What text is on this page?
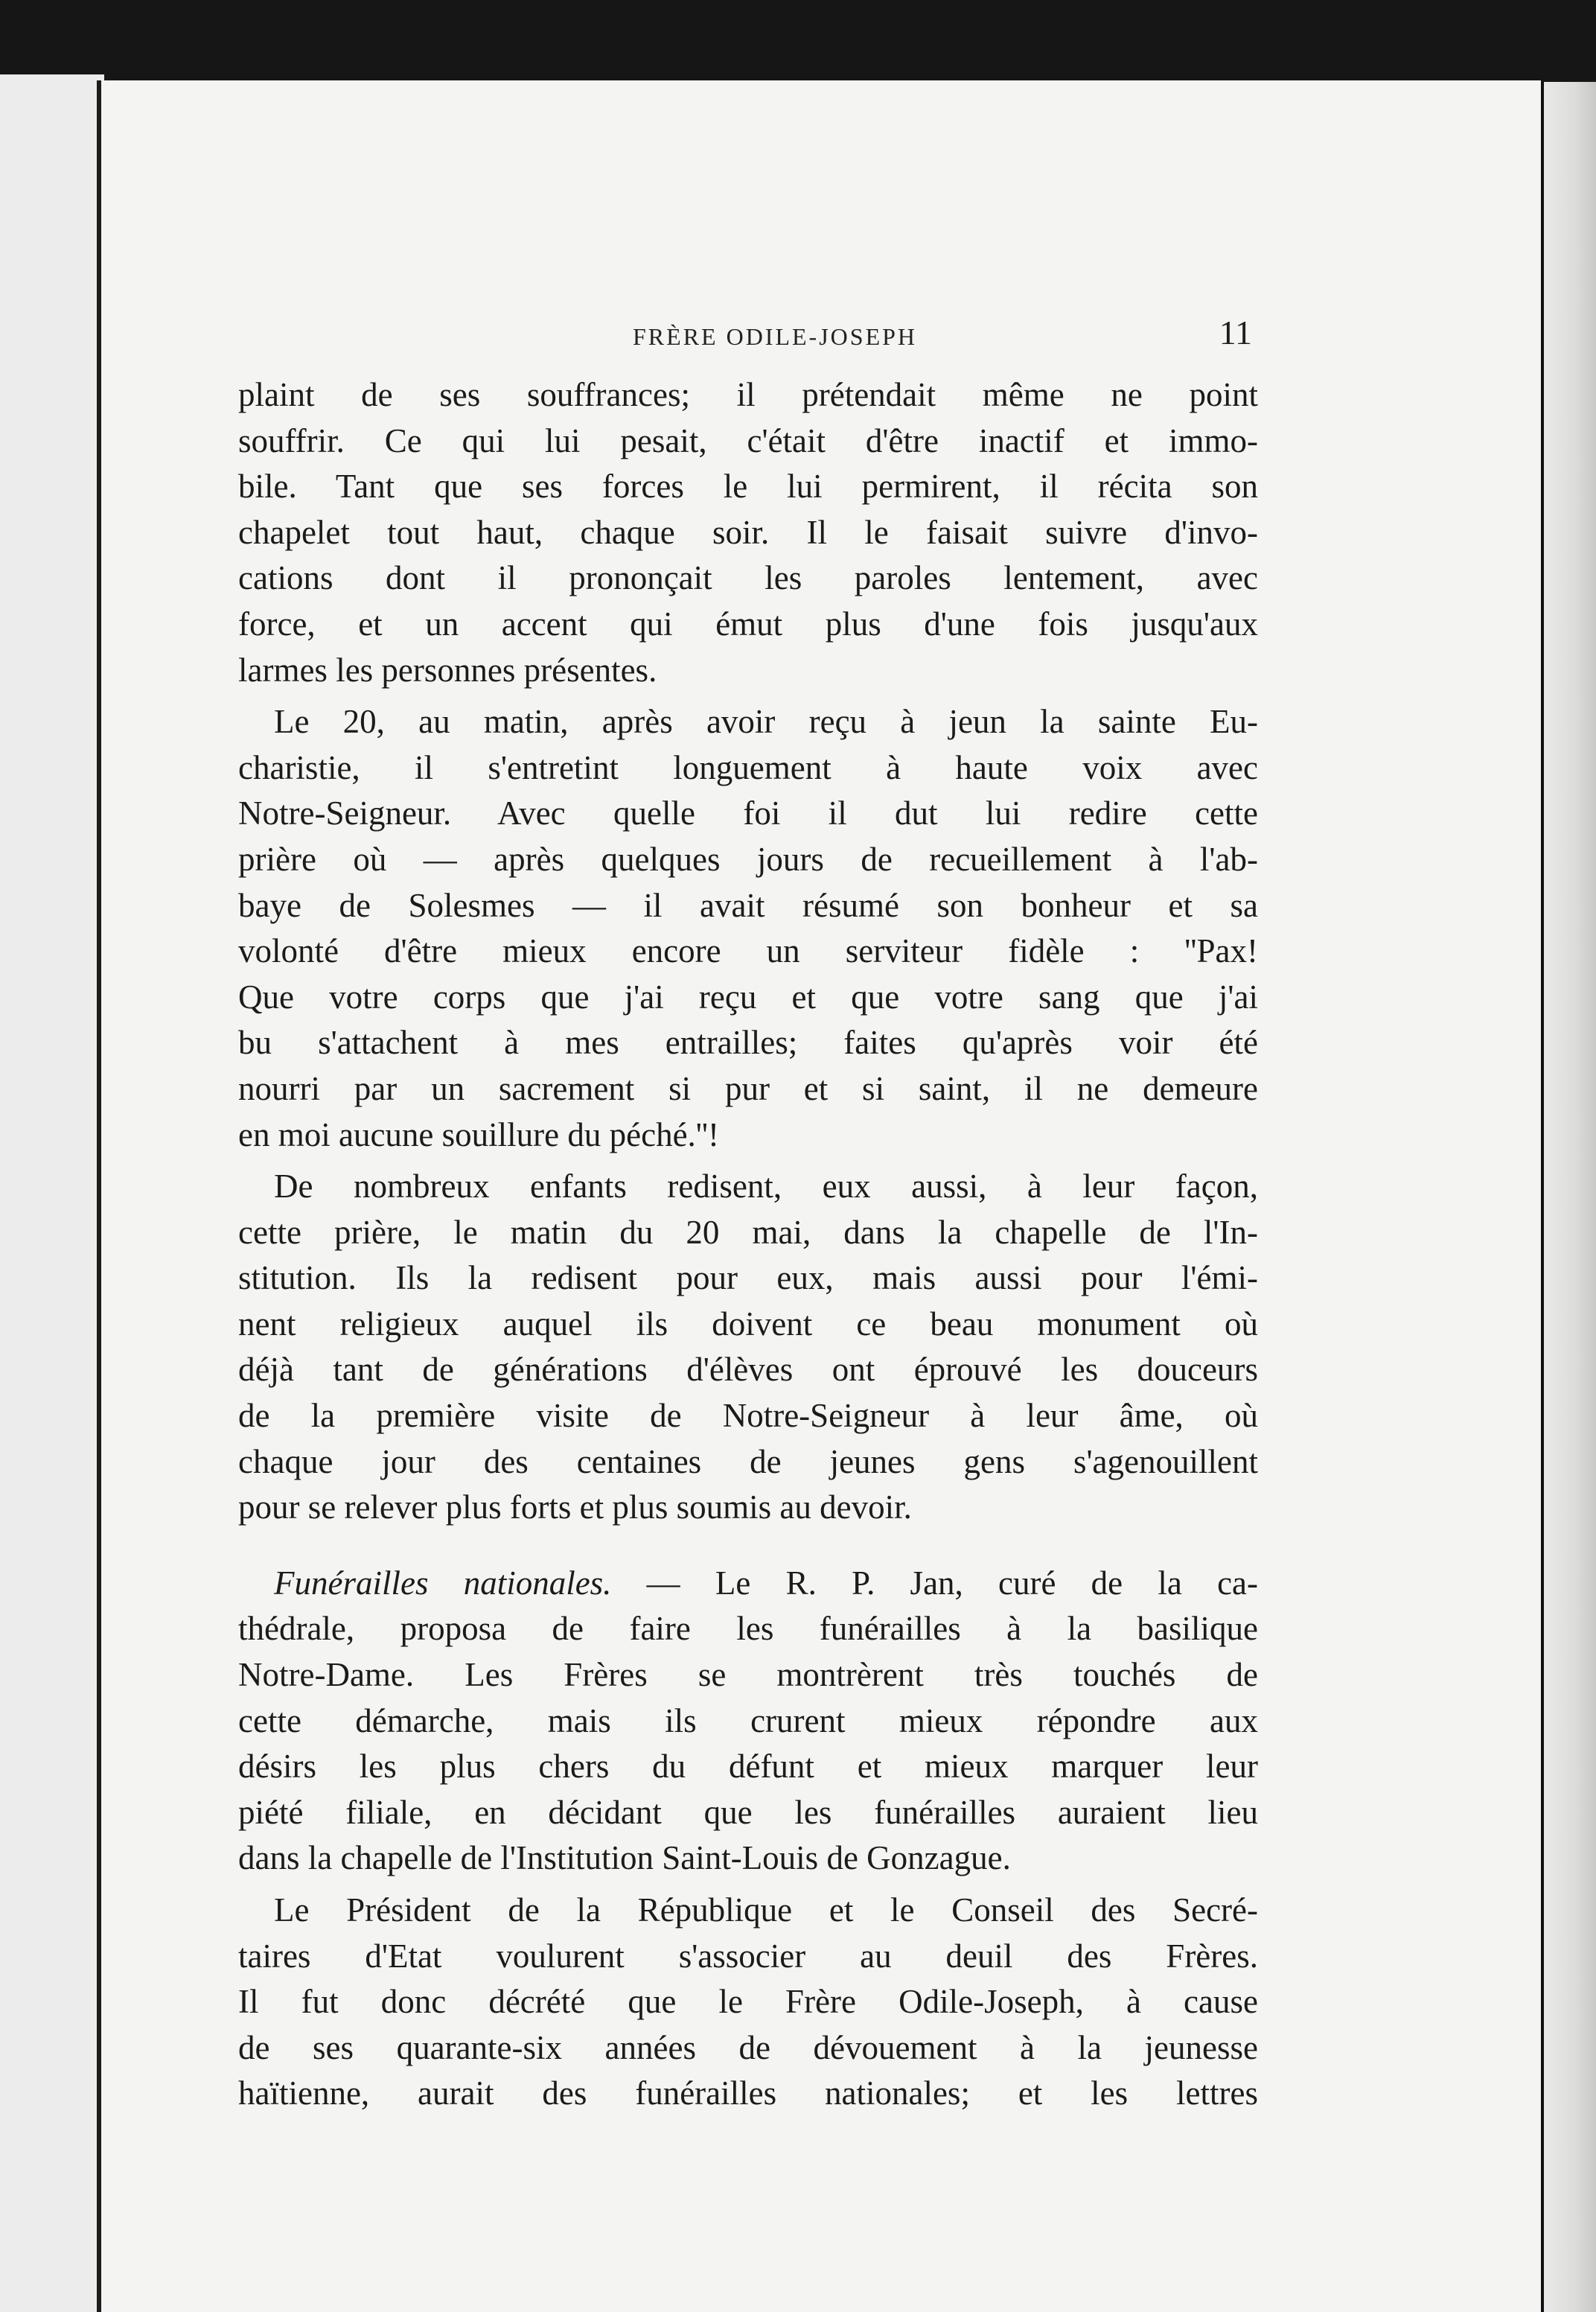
FRÈRE ODILE-JOSEPH	11
plaint de ses souffrances; il prétendait même ne point
souffrir. Ce qui lui pesait, c'était d'être inactif et immo-
bile. Tant que ses forces le lui permirent, il récita son
chapelet tout haut, chaque soir. Il le faisait suivre d'invo-
cations dont il prononçait les paroles lentement, avec
force, et un accent qui émut plus d'une fois jusqu'aux
larmes les personnes présentes.
Le 20, au matin, après avoir reçu à jeun la sainte Eu-
charistie, il s'entretint longuement à haute voix avec
Notre-Seigneur. Avec quelle foi il dut lui redire cette
prière où — après quelques jours de recueillement à l'ab-
baye de Solesmes — il avait résumé son bonheur et sa
volonté d'être mieux encore un serviteur fidèle : ''Pax!
Que votre corps que j'ai reçu et que votre sang que j'ai
bu s'attachent à mes entrailles; faites qu'après voir été
nourri par un sacrement si pur et si saint, il ne demeure
en moi aucune souillure du péché.''!
De nombreux enfants redisent, eux aussi, à leur façon,
cette prière, le matin du 20 mai, dans la chapelle de l'In-
stitution. Ils la redisent pour eux, mais aussi pour l'émi-
nent religieux auquel ils doivent ce beau monument où
déjà tant de générations d'élèves ont éprouvé les douceurs
de la première visite de Notre-Seigneur à leur âme, où
chaque jour des centaines de jeunes gens s'agenouillent
pour se relever plus forts et plus soumis au devoir.
Funérailles nationales. — Le R. P. Jan, curé de la ca-
thédrale, proposa de faire les funérailles à la basilique
Notre-Dame. Les Frères se montrèrent très touchés de
cette démarche, mais ils crurent mieux répondre aux
désirs les plus chers du défunt et mieux marquer leur
piété filiale, en décidant que les funérailles auraient lieu
dans la chapelle de l'Institution Saint-Louis de Gonzague.
Le Président de la République et le Conseil des Secré-
taires d'Etat voulurent s'associer au deuil des Frères.
Il fut donc décrété que le Frère Odile-Joseph, à cause
de ses quarante-six années de dévouement à la jeunesse
haïtienne, aurait des funérailles nationales; et les lettres
